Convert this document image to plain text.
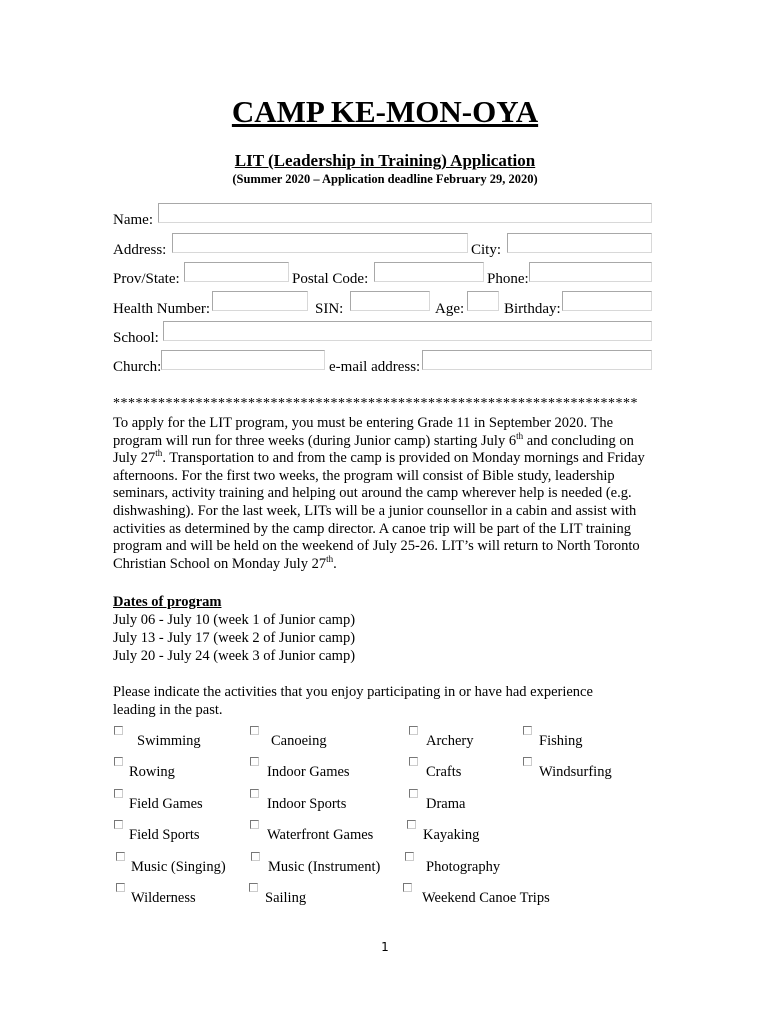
CAMP KE-MON-OYA
LIT (Leadership in Training) Application
(Summer 2020 – Application deadline February 29, 2020)
Name:
Address:	City:
Prov/State:	Postal Code:	Phone:
Health Number:	SIN:	Age:	Birthday:
School:
Church:	e-mail address:
**********************************************************************
To apply for the LIT program, you must be entering Grade 11 in September 2020. The program will run for three weeks (during Junior camp) starting July 6th and concluding on July 27th. Transportation to and from the camp is provided on Monday mornings and Friday afternoons. For the first two weeks, the program will consist of Bible study, leadership seminars, activity training and helping out around the camp wherever help is needed (e.g. dishwashing). For the last week, LITs will be a junior counsellor in a cabin and assist with activities as determined by the camp director. A canoe trip will be part of the LIT training program and will be held on the weekend of July 25-26. LIT’s will return to North Toronto Christian School on Monday July 27th.
Dates of program
July 06 - July 10 (week 1 of Junior camp)
July 13 - July 17 (week 2 of Junior camp)
July 20 - July 24 (week 3 of Junior camp)
Please indicate the activities that you enjoy participating in or have had experience leading in the past.
Swimming	Canoeing	Archery	Fishing
Rowing	Indoor Games	Crafts	Windsurfing
Field Games	Indoor Sports	Drama
Field Sports	Waterfront Games	Kayaking
Music (Singing)	Music (Instrument)	Photography
Wilderness	Sailing	Weekend Canoe Trips
1
